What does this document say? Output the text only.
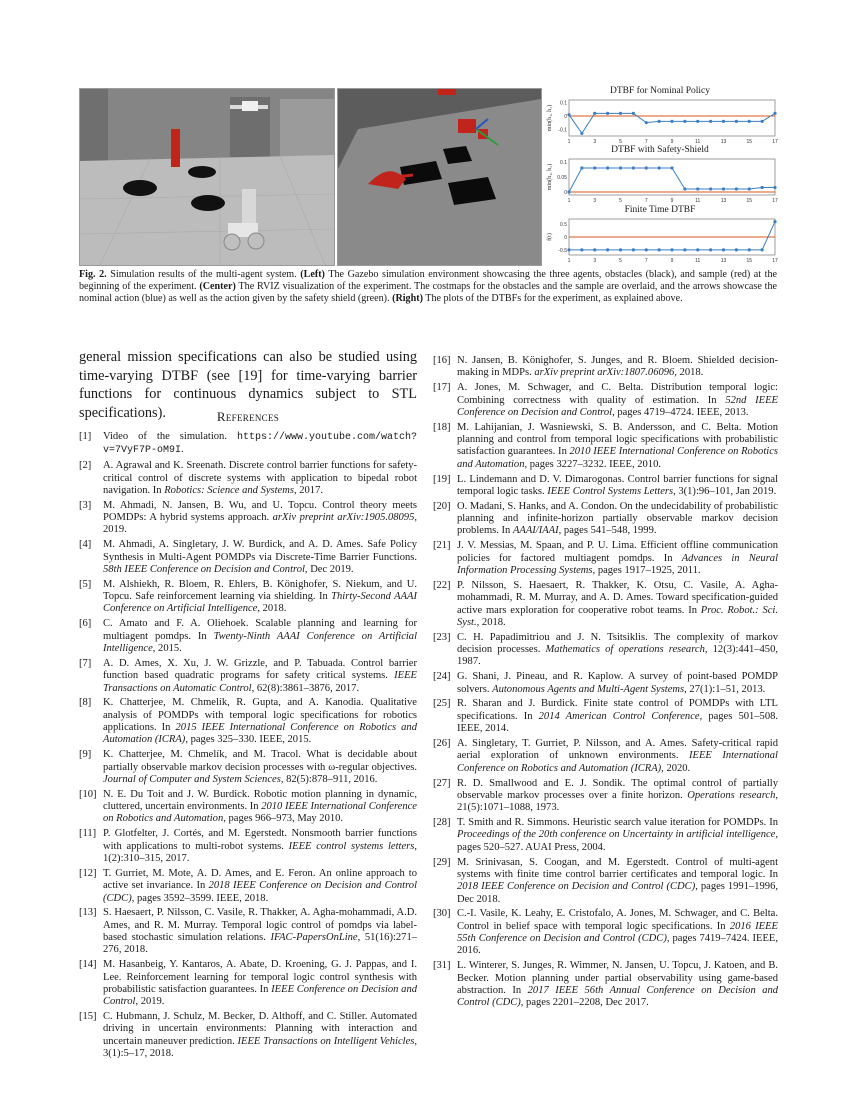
DTBF for Nominal Policy
min(h₁, h₂)
0.1
0
-0.1
1	3	5	7	9	11	13	15	17
DTBF with Safety-Shield
min(h₁, h₂)
0.1
0.05
0
1	3	5	7	9	11	13	15	17
Finite Time DTBF
f(t)
0.5
0
-0.5
1	3	5	7	9	11	13	15	17
Fig. 2. Simulation results of the multi-agent system. (Left) The Gazebo simulation environment showcasing the three agents, obstacles (black), and sample (red) at the beginning of the experiment. (Center) The RVIZ visualization of the experiment. The costmaps for the obstacles and the sample are overlaid, and the arrows showcase the nominal action (blue) as well as the action given by the safety shield (green). (Right) The plots of the DTBFs for the experiment, as explained above.
general mission specifications can also be studied using time-varying DTBF (see [19] for time-varying barrier functions for continuous dynamics subject to STL specifications).	References
[1]	Video of the simulation. https://www.youtube.com/watch?v=7VyF7P-oM9I.
[2]	A. Agrawal and K. Sreenath. Discrete control barrier functions for safety-critical control of discrete systems with application to bipedal robot navigation. In Robotics: Science and Systems, 2017.
[3]	M. Ahmadi, N. Jansen, B. Wu, and U. Topcu. Control theory meets POMDPs: A hybrid systems approach. arXiv preprint arXiv:1905.08095, 2019.
[4]	M. Ahmadi, A. Singletary, J. W. Burdick, and A. D. Ames. Safe Policy Synthesis in Multi-Agent POMDPs via Discrete-Time Barrier Functions. 58th IEEE Conference on Decision and Control, Dec 2019.
[5]	M. Alshiekh, R. Bloem, R. Ehlers, B. Könighofer, S. Niekum, and U. Topcu. Safe reinforcement learning via shielding. In Thirty-Second AAAI Conference on Artificial Intelligence, 2018.
[6]	C. Amato and F. A. Oliehoek. Scalable planning and learning for multiagent pomdps. In Twenty-Ninth AAAI Conference on Artificial Intelligence, 2015.
[7]	A. D. Ames, X. Xu, J. W. Grizzle, and P. Tabuada. Control barrier function based quadratic programs for safety critical systems. IEEE Transactions on Automatic Control, 62(8):3861–3876, 2017.
[8]	K. Chatterjee, M. Chmelík, R. Gupta, and A. Kanodia. Qualitative analysis of POMDPs with temporal logic specifications for robotics applications. In 2015 IEEE International Conference on Robotics and Automation (ICRA), pages 325–330. IEEE, 2015.
[9]	K. Chatterjee, M. Chmelík, and M. Tracol. What is decidable about partially observable markov decision processes with ω-regular objectives. Journal of Computer and System Sciences, 82(5):878–911, 2016.
[10] N. E. Du Toit and J. W. Burdick. Robotic motion planning in dynamic, cluttered, uncertain environments. In 2010 IEEE International Conference on Robotics and Automation, pages 966–973, May 2010.
[11] P. Glotfelter, J. Cortés, and M. Egerstedt. Nonsmooth barrier functions with applications to multi-robot systems. IEEE control systems letters, 1(2):310–315, 2017.
[12] T. Gurriet, M. Mote, A. D. Ames, and E. Feron. An online approach to active set invariance. In 2018 IEEE Conference on Decision and Control (CDC), pages 3592–3599. IEEE, 2018.
[13] S. Haesaert, P. Nilsson, C. Vasile, R. Thakker, A. Agha-mohammadi, A.D. Ames, and R. M. Murray. Temporal logic control of pomdps via label-based stochastic simulation relations. IFAC-PapersOnLine, 51(16):271–276, 2018.
[14] M. Hasanbeig, Y. Kantaros, A. Abate, D. Kroening, G. J. Pappas, and I. Lee. Reinforcement learning for temporal logic control synthesis with probabilistic satisfaction guarantees. In IEEE Conference on Decision and Control, 2019.
[15] C. Hubmann, J. Schulz, M. Becker, D. Althoff, and C. Stiller. Automated driving in uncertain environments: Planning with interaction and uncertain maneuver prediction. IEEE Transactions on Intelligent Vehicles, 3(1):5–17, 2018.
[16] N. Jansen, B. Könighofer, S. Junges, and R. Bloem. Shielded decision-making in MDPs. arXiv preprint arXiv:1807.06096, 2018.
[17] A. Jones, M. Schwager, and C. Belta. Distribution temporal logic: Combining correctness with quality of estimation. In 52nd IEEE Conference on Decision and Control, pages 4719–4724. IEEE, 2013.
[18] M. Lahijanian, J. Wasniewski, S. B. Andersson, and C. Belta. Motion planning and control from temporal logic specifications with probabilistic satisfaction guarantees. In 2010 IEEE International Conference on Robotics and Automation, pages 3227–3232. IEEE, 2010.
[19] L. Lindemann and D. V. Dimarogonas. Control barrier functions for signal temporal logic tasks. IEEE Control Systems Letters, 3(1):96–101, Jan 2019.
[20] O. Madani, S. Hanks, and A. Condon. On the undecidability of probabilistic planning and infinite-horizon partially observable markov decision problems. In AAAI/IAAI, pages 541–548, 1999.
[21] J. V. Messias, M. Spaan, and P. U. Lima. Efficient offline communication policies for factored multiagent pomdps. In Advances in Neural Information Processing Systems, pages 1917–1925, 2011.
[22] P. Nilsson, S. Haesaert, R. Thakker, K. Otsu, C. Vasile, A. Agha-mohammadi, R. M. Murray, and A. D. Ames. Toward specification-guided active mars exploration for cooperative robot teams. In Proc. Robot.: Sci. Syst., 2018.
[23] C. H. Papadimitriou and J. N. Tsitsiklis. The complexity of markov decision processes. Mathematics of operations research, 12(3):441–450, 1987.
[24] G. Shani, J. Pineau, and R. Kaplow. A survey of point-based POMDP solvers. Autonomous Agents and Multi-Agent Systems, 27(1):1–51, 2013.
[25] R. Sharan and J. Burdick. Finite state control of POMDPs with LTL specifications. In 2014 American Control Conference, pages 501–508. IEEE, 2014.
[26] A. Singletary, T. Gurriet, P. Nilsson, and A. Ames. Safety-critical rapid aerial exploration of unknown environments. IEEE International Conference on Robotics and Automation (ICRA), 2020.
[27] R. D. Smallwood and E. J. Sondik. The optimal control of partially observable markov processes over a finite horizon. Operations research, 21(5):1071–1088, 1973.
[28] T. Smith and R. Simmons. Heuristic search value iteration for POMDPs. In Proceedings of the 20th conference on Uncertainty in artificial intelligence, pages 520–527. AUAI Press, 2004.
[29] M. Srinivasan, S. Coogan, and M. Egerstedt. Control of multi-agent systems with finite time control barrier certificates and temporal logic. In 2018 IEEE Conference on Decision and Control (CDC), pages 1991–1996, Dec 2018.
[30] C.-I. Vasile, K. Leahy, E. Cristofalo, A. Jones, M. Schwager, and C. Belta. Control in belief space with temporal logic specifications. In 2016 IEEE 55th Conference on Decision and Control (CDC), pages 7419–7424. IEEE, 2016.
[31] L. Winterer, S. Junges, R. Wimmer, N. Jansen, U. Topcu, J. Katoen, and B. Becker. Motion planning under partial observability using game-based abstraction. In 2017 IEEE 56th Annual Conference on Decision and Control (CDC), pages 2201–2208, Dec 2017.
